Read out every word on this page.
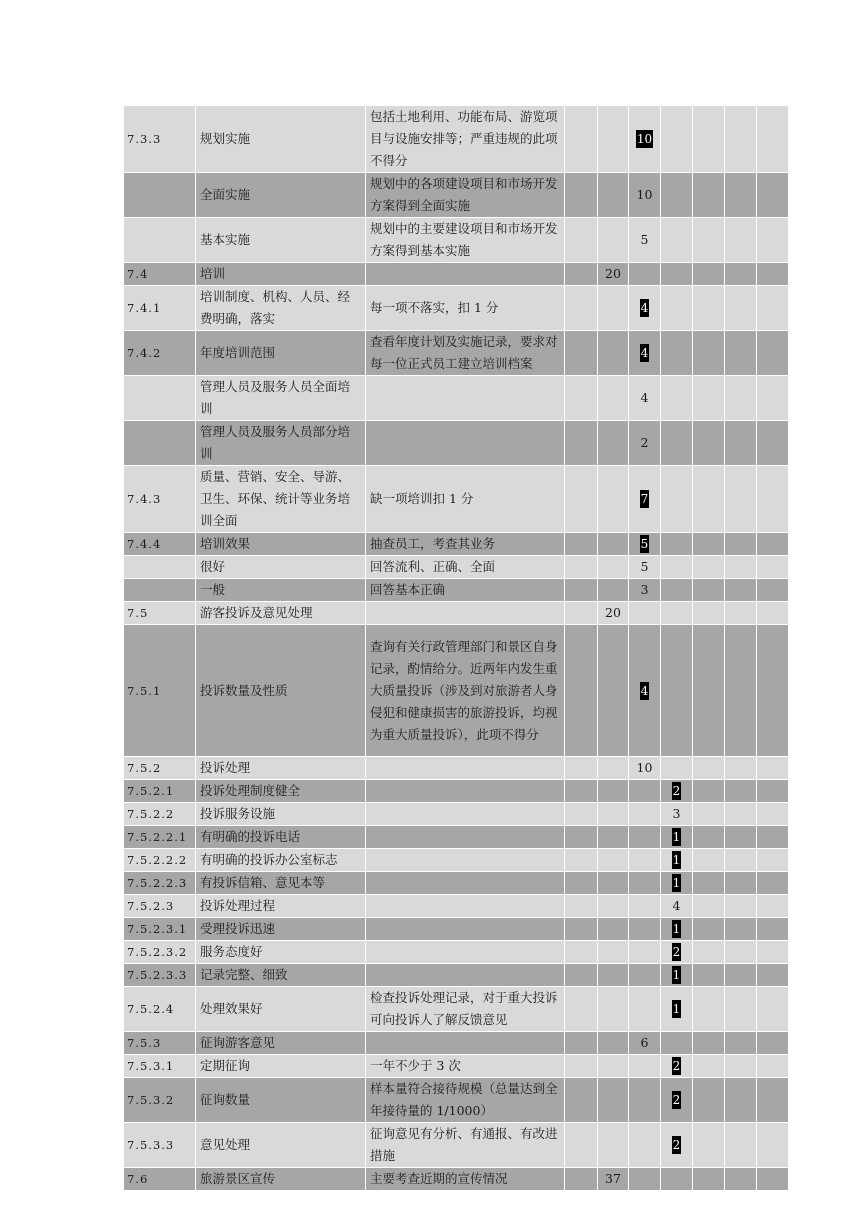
7.3.3	规划实施	包括土地利用、功能布局、游览项目与设施安排等；严重违规的此项不得分			10				
	全面实施	规划中的各项建设项目和市场开发方案得到全面实施			10				
	基本实施	规划中的主要建设项目和市场开发方案得到基本实施			5				
7.4	培训			20					
7.4.1	培训制度、机构、人员、经费明确，落实	每一项不落实，扣 1 分			4				
7.4.2	年度培训范围	查看年度计划及实施记录，要求对每一位正式员工建立培训档案			4				
	管理人员及服务人员全面培训				4				
	管理人员及服务人员部分培训				2				
7.4.3	质量、营销、安全、导游、卫生、环保、统计等业务培训全面	缺一项培训扣 1 分			7				
7.4.4	培训效果	抽查员工，考查其业务			5				
	很好	回答流利、正确、全面			5				
	一般	回答基本正确			3				
7.5	游客投诉及意见处理			20					
7.5.1	投诉数量及性质	查询有关行政管理部门和景区自身记录，酌情给分。近两年内发生重大质量投诉（涉及到对旅游者人身侵犯和健康损害的旅游投诉，均视为重大质量投诉），此项不得分			4				
7.5.2	投诉处理				10				
7.5.2.1	投诉处理制度健全					2			
7.5.2.2	投诉服务设施					3			
7.5.2.2.1	有明确的投诉电话					1			
7.5.2.2.2	有明确的投诉办公室标志					1			
7.5.2.2.3	有投诉信箱、意见本等					1			
7.5.2.3	投诉处理过程					4			
7.5.2.3.1	受理投诉迅速					1			
7.5.2.3.2	服务态度好					2			
7.5.2.3.3	记录完整、细致					1			
7.5.2.4	处理效果好	检查投诉处理记录，对于重大投诉可向投诉人了解反馈意见				1			
7.5.3	征询游客意见				6				
7.5.3.1	定期征询	一年不少于 3 次				2			
7.5.3.2	征询数量	样本量符合接待规模（总量达到全年接待量的 1/1000）				2			
7.5.3.3	意见处理	征询意见有分析、有通报、有改进措施				2			
7.6	旅游景区宣传	主要考查近期的宣传情况		37					
